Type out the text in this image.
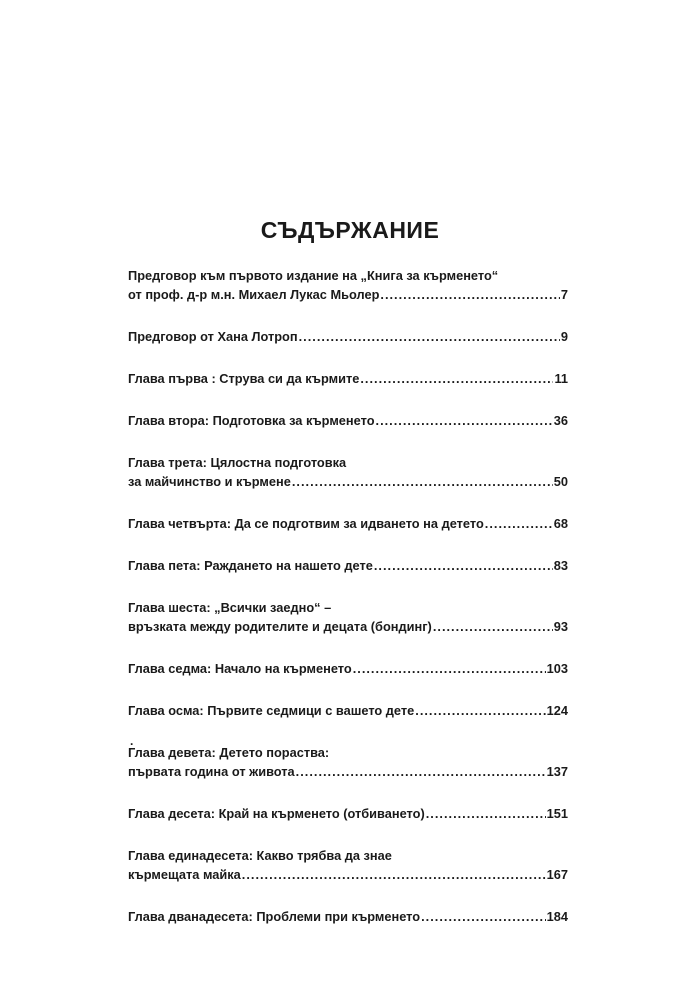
СЪДЪРЖАНИЕ
Предговор към първото издание на „Книга за кърменето“
от проф. д-р м.н. Михаел Лукас Мьолер .....	7
Предговор от Хана Лотроп .....	9
Глава първа : Струва си да кърмите .....	11
Глава втора: Подготовка за кърменето .....	36
Глава трета: Цялостна подготовка
за майчинство и кърмене .....	50
Глава четвърта: Да се подготвим за идването на детето .....	68
Глава пета: Раждането на нашето дете .....	83
Глава шеста: „Всички заедно“ –
връзката между родителите и децата (бондинг) .....	93
Глава седма: Начало на кърменето .....	103
Глава осма: Първите седмици с вашето дете .....	124
Глава девета: Детето пораства:
първата година от живота .....	137
Глава десета: Край на кърменето (отбиването) .....	151
Глава единадесета: Какво трябва да знае
кърмещата майка .....	167
Глава дванадесета: Проблеми при кърменето .....	184
.
